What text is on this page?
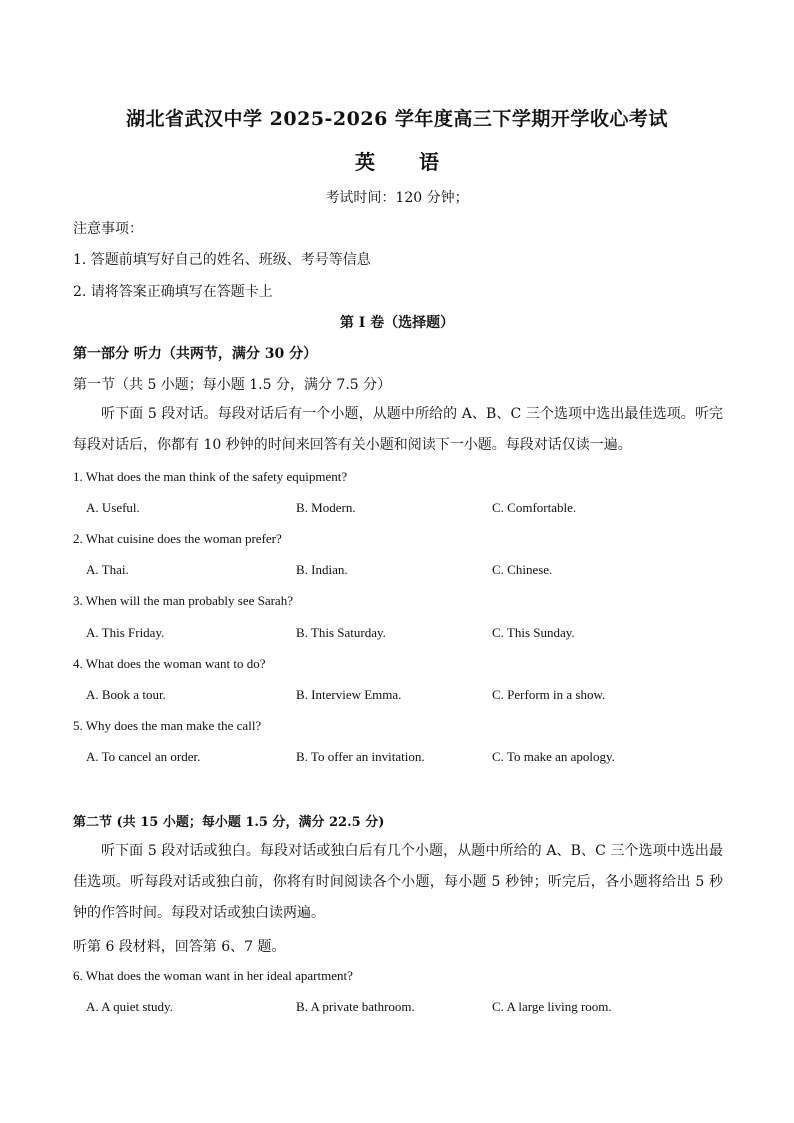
湖北省武汉中学 2025-2026 学年度高三下学期开学收心考试
英 语
考试时间：120 分钟；
注意事项：
1. 答题前填写好自己的姓名、班级、考号等信息
2. 请将答案正确填写在答题卡上
第 I 卷（选择题）
第一部分 听力（共两节，满分 30 分）
第一节（共 5 小题；每小题 1.5 分，满分 7.5 分）
听下面 5 段对话。每段对话后有一个小题，从题中所给的 A、B、C 三个选项中选出最佳选项。听完每段对话后，你都有 10 秒钟的时间来回答有关小题和阅读下一小题。每段对话仅读一遍。
1. What does the man think of the safety equipment?
A. Useful.	B. Modern.	C. Comfortable.
2. What cuisine does the woman prefer?
A. Thai.	B. Indian.	C. Chinese.
3. When will the man probably see Sarah?
A. This Friday.	B. This Saturday.	C. This Sunday.
4. What does the woman want to do?
A. Book a tour.	B. Interview Emma.	C. Perform in a show.
5. Why does the man make the call?
A. To cancel an order.	B. To offer an invitation.	C. To make an apology.
第二节 (共 15 小题；每小题 1.5 分，满分 22.5 分)
听下面 5 段对话或独白。每段对话或独白后有几个小题，从题中所给的 A、B、C 三个选项中选出最佳选项。听每段对话或独白前，你将有时间阅读各个小题，每小题 5 秒钟；听完后，各小题将给出 5 秒钟的作答时间。每段对话或独白读两遍。
听第 6 段材料，回答第 6、7 题。
6. What does the woman want in her ideal apartment?
A. A quiet study.	B. A private bathroom.	C. A large living room.
